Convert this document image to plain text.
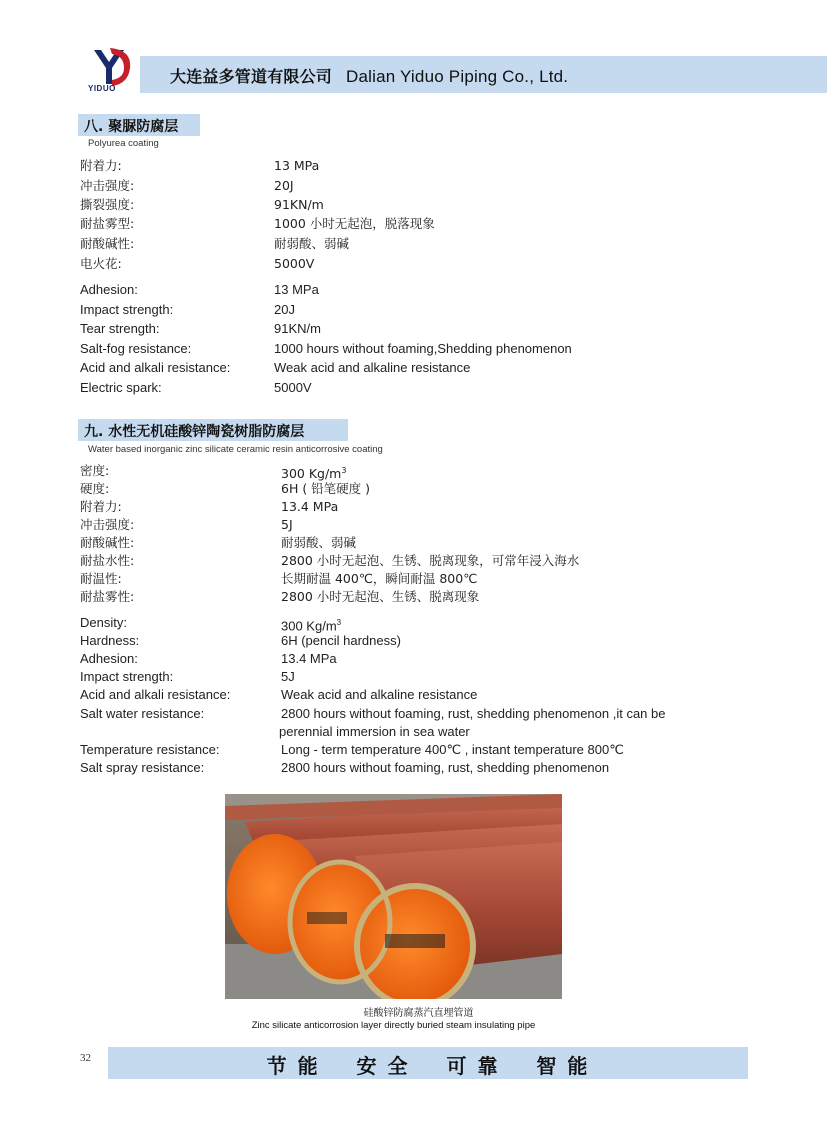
YIDUO
大连益多管道有限公司 Dalian Yiduo Piping Co., Ltd.
八. 聚脲防腐层
Polyurea coating
附着力:	13 MPa
冲击强度:	20J
撕裂强度:	91KN/m
耐盐雾型:	1000 小时无起泡，脱落现象
耐酸碱性:	耐弱酸、弱碱
电火花:	5000V
Adhesion:	13 MPa
Impact strength:	20J
Tear strength:	91KN/m
Salt-fog resistance:	1000 hours without foaming,Shedding phenomenon
Acid and alkali resistance:	Weak acid and alkaline resistance
Electric spark:	5000V
九. 水性无机硅酸锌陶瓷树脂防腐层
Water based inorganic zinc silicate ceramic resin anticorrosive coating
密度:	300 $Kg/m^3$
硬度:	6H ( 铅笔硬度 )
附着力:	13.4 MPa
冲击强度:	5J
耐酸碱性:	耐弱酸、弱碱
耐盐水性:	2800 小时无起泡、生锈、脱离现象，可常年浸入海水
耐温性:	长期耐温 400℃，瞬间耐温 800℃
耐盐雾性:	2800 小时无起泡、生锈、脱离现象
Density:	300 $Kg/m^3$
Hardness:	6H (pencil hardness)
Adhesion:	13.4 MPa
Impact strength:	5J
Acid and alkali resistance:	Weak acid and alkaline resistance
Salt water resistance:	2800 hours without foaming, rust, shedding phenomenon ,it can be
perennial immersion in sea water
Temperature resistance:	Long - term temperature 400℃ , instant temperature 800℃
Salt spray resistance:	2800 hours without foaming, rust, shedding phenomenon
硅酸锌防腐蒸汽直埋管道
Zinc silicate anticorrosion layer directly buried steam insulating pipe
32	节 能 安 全 可 靠 智 能
